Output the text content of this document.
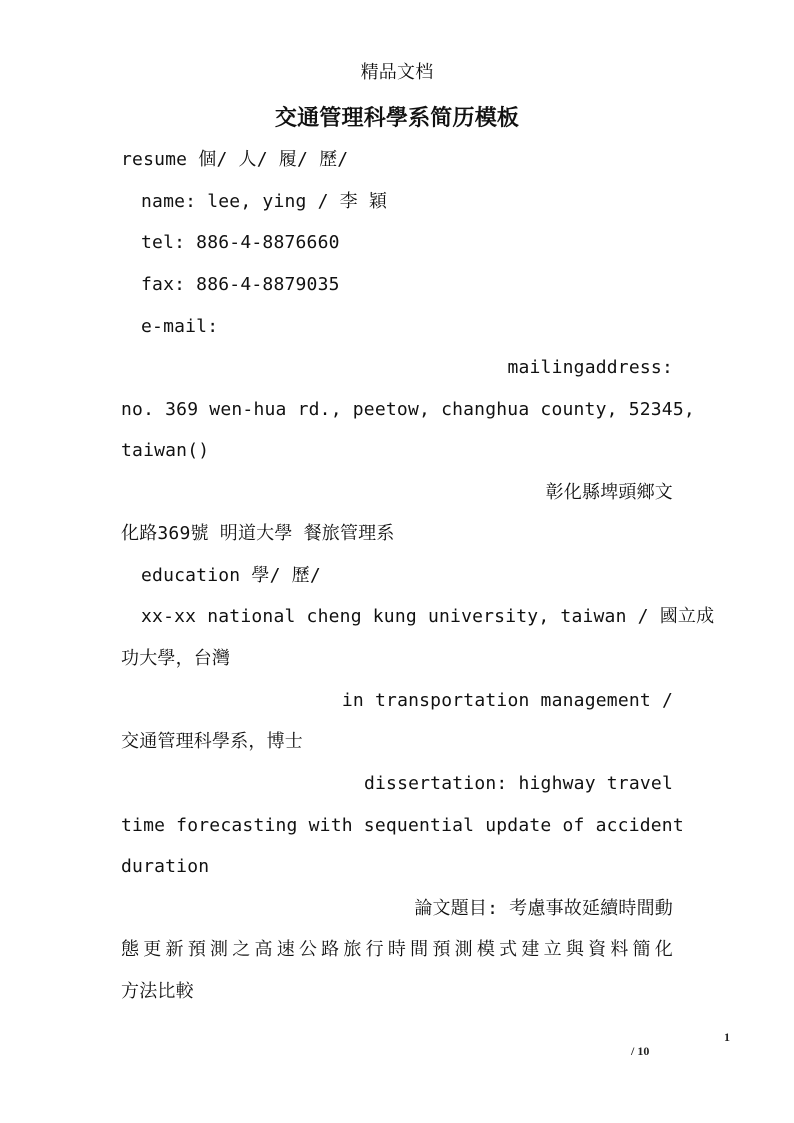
精品文档
交通管理科學系简历模板
resume 個/ 人/ 履/ 歷/
name: lee, ying / 李 穎
tel: 886-4-8876660
fax: 886-4-8879035
e-mail:
mailingaddress:
no. 369 wen-hua rd., peetow, changhua county, 52345,
taiwan()
彰化縣埤頭鄉文
化路369號 明道大學 餐旅管理系
education 學/ 歷/
xx-xx national cheng kung university, taiwan / 國立成
功大學，台灣
in transportation management /
交通管理科學系，博士
dissertation: highway travel
time forecasting with sequential update of accident
duration
論文題目: 考慮事故延續時間動
態更新預測之高速公路旅行時間預測模式建立與資料簡化
方法比較
1
/ 10
